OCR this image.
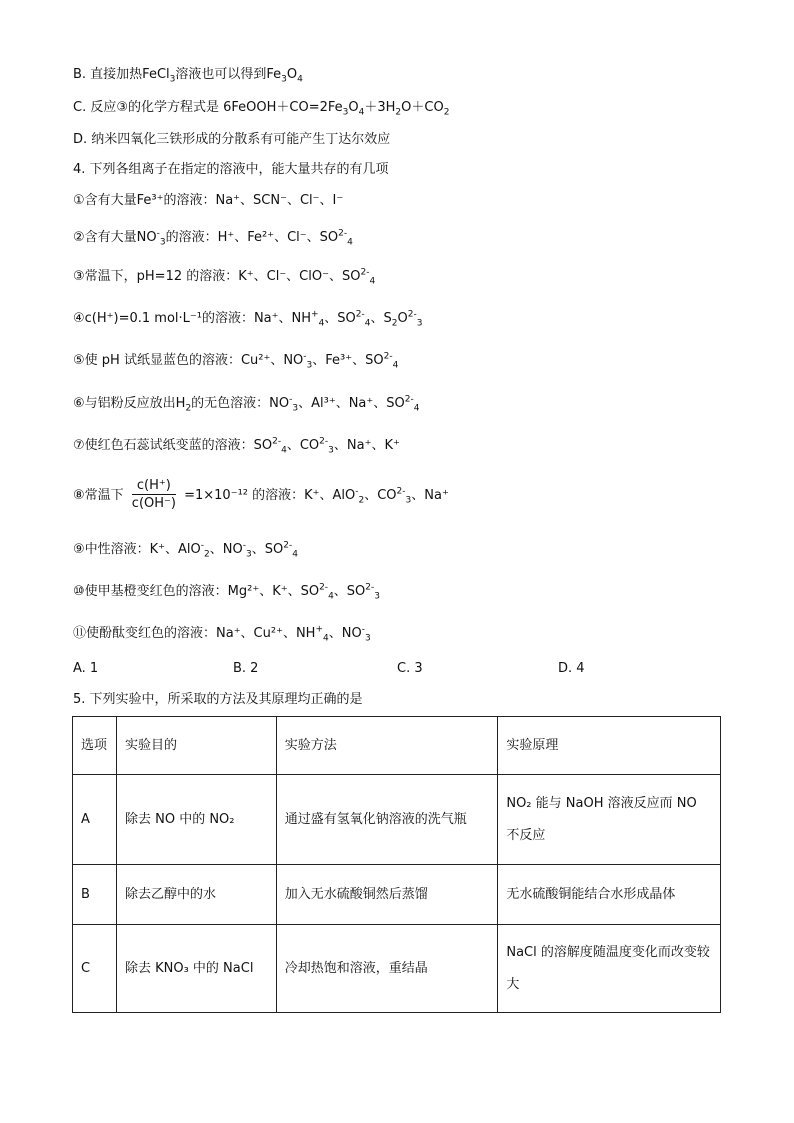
B. 直接加热FeCl$_3$溶液也可以得到$Fe_3O_4$
C. 反应③的化学方程式是 $6FeOOH+CO=2Fe_3O_4+3H_2O+CO_2$
D. 纳米四氧化三铁形成的分散系有可能产生丁达尔效应
4. 下列各组离子在指定的溶液中，能大量共存的有几项
①含有大量Fe³⁺的溶液：Na⁺、SCN⁻、Cl⁻、I⁻
②含有大量$NO^-_3$的溶液：H⁺、Fe²⁺、Cl⁻、$SO^{2-}_4$
③常温下，pH=12 的溶液：K⁺、Cl⁻、ClO⁻、$SO^{2-}_4$
④c(H⁺)=0.1 mol·L⁻¹的溶液：Na⁺、$NH^+_4$、$SO^{2-}_4$、$S_2O^{2-}_3$
⑤使 pH 试纸显蓝色的溶液：Cu²⁺、$NO^-_3$、Fe³⁺、$SO^{2-}_4$
⑥与铝粉反应放出$H_2$的无色溶液：$NO^-_3$、Al³⁺、Na⁺、$SO^{2-}_4$
⑦使红色石蕊试纸变蓝的溶液：$SO^{2-}_4$、$CO^{2-}_3$、Na⁺、K⁺
⑧常温下 $\frac{c(H^+)}{c(OH^-)} =1\times 10^{-12}$ 的溶液：K⁺、AlO-$_2$、$CO^{2-}_3$、Na⁺
⑨中性溶液：K⁺、AlO-$_2$、$NO^-_3$、$SO^{2-}_4$
⑩使甲基橙变红色的溶液：Mg²⁺、K⁺、$SO^{2-}_4$、$SO^{2-}_3$
⑪使酚酞变红色的溶液：Na⁺、Cu²⁺、$NH^+_4$、$NO^-_3$
A. 1	B. 2	C. 3	D. 4
5. 下列实验中，所采取的方法及其原理均正确的是
选项	实验目的	实验方法	实验原理
A	除去 NO 中的 NO₂	通过盛有氢氧化钠溶液的洗气瓶	NO₂ 能与 NaOH 溶液反应而 NO 不反应
B	除去乙醇中的水	加入无水硫酸铜然后蒸馏	无水硫酸铜能结合水形成晶体
C	除去 KNO₃ 中的 NaCl	冷却热饱和溶液，重结晶	NaCl 的溶解度随温度变化而改变较大
